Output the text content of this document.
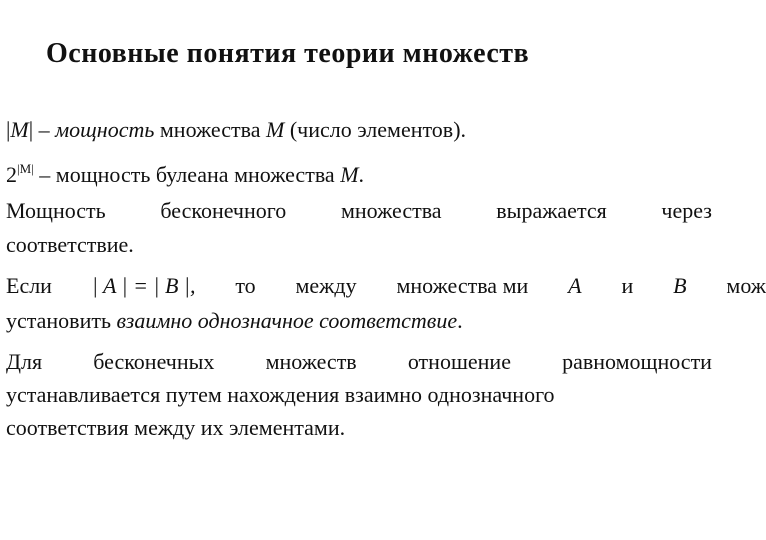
Основные понятия теории множеств
|M| – мощность множества M (число элементов).
$2^{|M|}$ – мощность булеана множества M.
Мощность бесконечного множества выражается через
соответствие.
Если | A | = | B |, то между множества ми A и B мож
установить взаимно однозначное соответствие.
Для бесконечных множеств отношение равномощности
устанавливается путем нахождения взаимно однозначного
соответствия между их элементами.
